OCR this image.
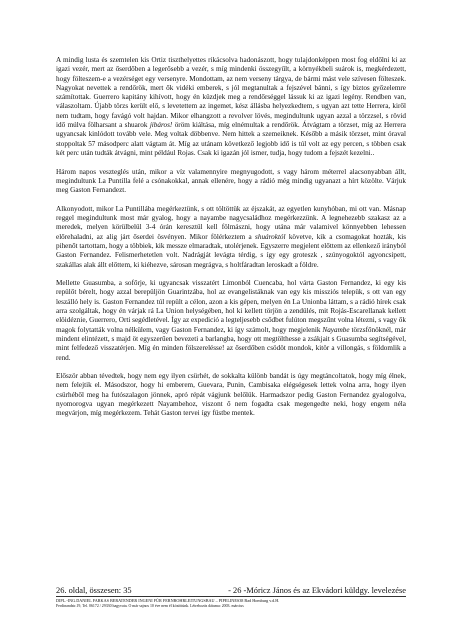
A mindig lusta és szemtelen kis Ortiz tiszthelyettes rikácsolva hadonászott, hogy tulajdonképpen most fog eldőlni ki az igazi vezér, mert az őserdőben a legerősebb a vezér, s míg mindenki összegyűlt, a környékbeli suárok is, megkérdezett, hogy fölteszem-e a vezérséget egy versenyre. Mondottam, az nem verseny tárgya, de bármi mást vele szívesen fölteszek. Nagyokat nevettek a rendőrök, mert ők vidéki emberek, s jól megtanultak a fejszével bánni, s így biztos győzelemre számítottak. Guerrero kapitány kihívott, hogy én küzdjek meg a rendőrséggel lássuk ki az igazi legény. Rendben van, válaszoltam. Újabb törzs került elő, s levetettem az ingemet, kész állásba helyezkedtem, s ugyan azt tette Herrera, kiről nem tudtam, hogy favágó volt hajdan. Mikor elhangzott a revolver lövés, megindultunk ugyan azzal a törzzsel, s rövid idő múlva fölharsant a shuarok jibáros! öröm kiáltása, míg elnémultak a rendőrök. Átvágtam a törzset, míg az Herrera ugyancsak kinlódott tovább vele. Meg voltak döbbenve. Nem hittek a szemeiknek. Később a másik törzset, mint óraval stoppoltak 57 másodperc alatt vágtam át. Míg az utánam következő legjobb idő is túl volt az egy percen, s többen csak két perc után tudták átvágni, mint például Rojas. Csak ki igazán jól ismer, tudja, hogy tudom a fejszét kezelni..

Három napos veszteglés után, mikor a víz valamennyire megnyugodott, s vagy három méterrel alacsonyabban állt, megindultunk La Puntilla felé a csónakokkal, annak ellenére, hogy a rádió még mindig ugyanazt a hírt közölte. Várjuk meg Gaston Fernandezt.

Alkonyodott, mikor La Puntillába megérkeztünk, s ott töltöttük az éjszakát, az egyetlen kunyhóban, mi ott van. Másnap reggel megindultunk most már gyalog, hogy a nayambe nagycsaládhoz megérkezzünk. A legnehezebb szakasz az a meredek, melyen körülbelül 3-4 órán keresztül kell fölmászni, hogy utána már valamivel könnyebben lehessen előrehaladni, az alig járt őserdei ösvényen. Mikor fölérkeztem a shuároktól követve, kik a csomagokat hozták, kis pihenőt tartottam, hogy a többiek, kik messze elmaradtak, utolérjenek. Egyszerre megjelent előttem az ellenkező irányból Gaston Fernandez. Felismerhetetlen volt. Nadrágját levágta térdig, s így egy groteszk , szúnyogoktól agyoncsipett, szakállas alak állt előttem, ki kiéhezve, sárosan megrágva, s holtfáradtan leroskadt a földre.

Mellette Guasumba, a sofőrje, ki ugyancsak visszatért Limonból Cuencaba, hol várta Gaston Fernandez, ki egy kis repülőt bérelt, hogy azzal berepüljön Guarintzába, hol az evangelistáknak van egy kis missziós telepük, s ott van egy leszálló hely is. Gaston Fernandez túl repült a célon, azon a kis gépen, melyen én La Unionba láttam, s a rádió hírek csak arra szolgáltak, hogy én várjak rá La Union helységében, hol ki kellett törjön a zendülés, mit Rojás-Escarellanak kellett elöidéznie, Guerrero, Orti segédletével. Így az expedició a legteljesebb csődbet fulúton megszűnt volna létezni, s vagy ők magok folytatták volna nélkülem, vagy Gaston Fernandez, ki így számolt, hogy megjelenik Nayambe törzsfőnöknél, már mindent elintézett, s majd öt egyszerűen bevezeti a barlangba, hogy ott megtölthesse a zsákjait s Guasumba segítségével, mint felfedező visszatérjen. Míg én minden fölszerelésse! az őserdőben csödöt mondok, kitör a villongás, s földomlik a rend.

Először abban tévedtek, hogy nem egy ilyen csürhét, de sokkalta különb bandát is úgy megtáncoltatok, hogy míg élnek, nem felejtik el. Másodszor, hogy hi emberem, Guevara, Punin, Cambisaka elégségesek lettek volna arra, hogy ilyen csürhéből meg ha futószalagon jönnek, apró répát vágjunk belőlük. Harmadszor pedig Gaston Fernandez gyalogolva, nyomorogva ugyan megérkezett Nayambehoz, viszont ő nem fogadta csak megengedte neki, hogy engem néla megvárjon, míg megérkezem. Tehát Gaston tervei így füstbe mentek.

26. oldal, összesen: 35	- 26 -Móricz János és az Ekvádori küldgy. levelezése
DIPL.-ING.DANIEL FARKAS BERATENDER INGENI FÜR FERNROHRLEITUNGSBAU – PIPELINES38 Bad Homburg v.d.H.
Ferdinandstr.19, Tel. 06172 / 29330 hagyvata. Ó már sajnos 10 éve nem él közöttünk. Létrehozás dátuma: 2003. március
